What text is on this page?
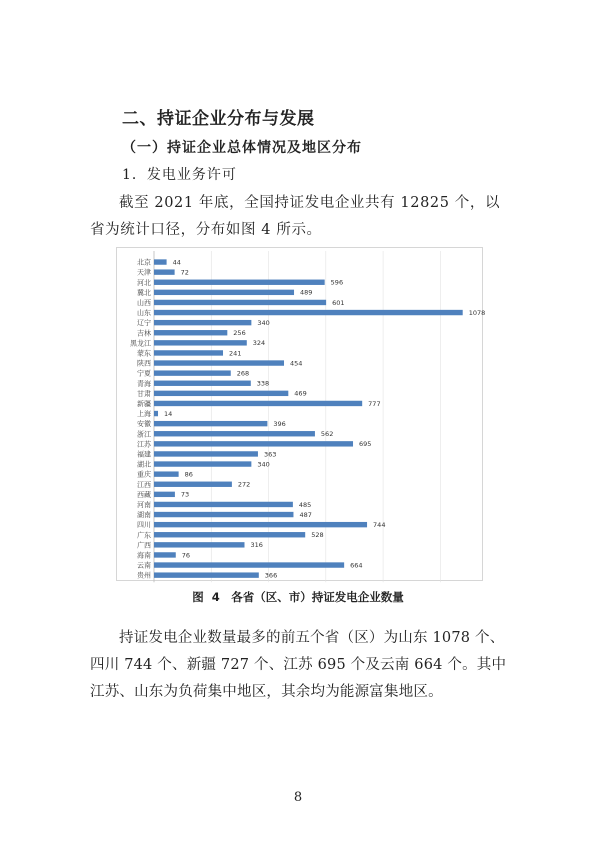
二、持证企业分布与发展
（一）持证企业总体情况及地区分布
1．发电业务许可

截至 2021 年底，全国持证发电企业共有 12825 个，以省为统计口径，分布如图 4 所示。

北京	44
天津	72
河北	596
冀北	489
山西	601
山东	1078
辽宁	340
吉林	256
黑龙江	324
蒙东	241
陕西	454
宁夏	268
青海	338
甘肃	469
新疆	777
上海 14
安徽	396
浙江	562
江苏	695
福建	363
湖北	340
重庆	86
江西	272
西藏	73
河南	485
湖南	487
四川	744
广东	528
广西	316
海南	76
云南	664
贵州	366
图 4　各省（区、市）持证发电企业数量

持证发电企业数量最多的前五个省（区）为山东 1078 个、四川 744 个、新疆 727 个、江苏 695 个及云南 664 个。其中江苏、山东为负荷集中地区，其余均为能源富集地区。

8
